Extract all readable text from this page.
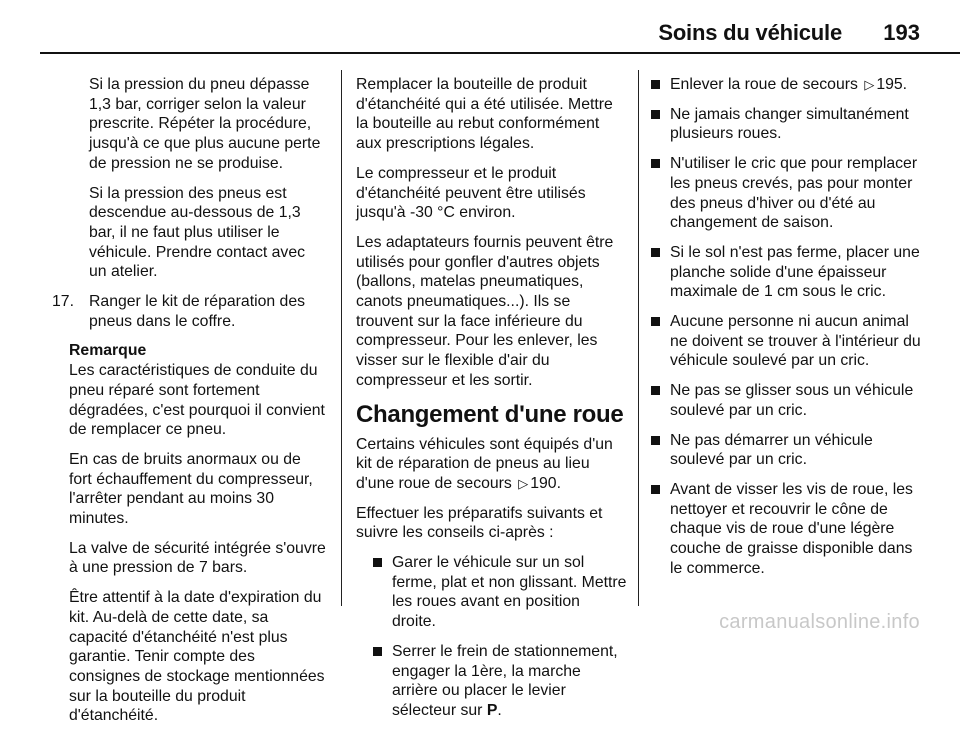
Soins du véhicule 193

Si la pression du pneu dépasse 1,3 bar, corriger selon la valeur prescrite. Répéter la procédure, jusqu'à ce que plus aucune perte de pression ne se produise.

Si la pression des pneus est descendue au-dessous de 1,3 bar, il ne faut plus utiliser le véhicule. Prendre contact avec un atelier.

17. Ranger le kit de réparation des pneus dans le coffre.

Remarque

Les caractéristiques de conduite du pneu réparé sont fortement dégradées, c'est pourquoi il convient de remplacer ce pneu.

En cas de bruits anormaux ou de fort échauffement du compresseur, l'arrêter pendant au moins 30 minutes.

La valve de sécurité intégrée s'ouvre à une pression de 7 bars.

Être attentif à la date d'expiration du kit. Au-delà de cette date, sa capacité d'étanchéité n'est plus garantie. Tenir compte des consignes de stockage mentionnées sur la bouteille du produit d'étanchéité.

Remplacer la bouteille de produit d'étanchéité qui a été utilisée. Mettre la bouteille au rebut conformément aux prescriptions légales.

Le compresseur et le produit d'étanchéité peuvent être utilisés jusqu'à -30 °C environ.

Les adaptateurs fournis peuvent être utilisés pour gonfler d'autres objets (ballons, matelas pneumatiques, canots pneumatiques...). Ils se trouvent sur la face inférieure du compresseur. Pour les enlever, les visser sur le flexible d'air du compresseur et les sortir.

Changement d'une roue

Certains véhicules sont équipés d'un kit de réparation de pneus au lieu d'une roue de secours ▷ 190.

Effectuer les préparatifs suivants et suivre les conseils ci-après :

Garer le véhicule sur un sol ferme, plat et non glissant. Mettre les roues avant en position droite.
Serrer le frein de stationnement, engager la 1ère, la marche arrière ou placer le levier sélecteur sur P.
Enlever la roue de secours ▷ 195.
Ne jamais changer simultanément plusieurs roues.
N'utiliser le cric que pour remplacer les pneus crevés, pas pour monter des pneus d'hiver ou d'été au changement de saison.
Si le sol n'est pas ferme, placer une planche solide d'une épaisseur maximale de 1 cm sous le cric.
Aucune personne ni aucun animal ne doivent se trouver à l'intérieur du véhicule soulevé par un cric.
Ne pas se glisser sous un véhicule soulevé par un cric.
Ne pas démarrer un véhicule soulevé par un cric.
Avant de visser les vis de roue, les nettoyer et recouvrir le cône de chaque vis de roue d'une légère couche de graisse disponible dans le commerce.
carmanualsonline.info
